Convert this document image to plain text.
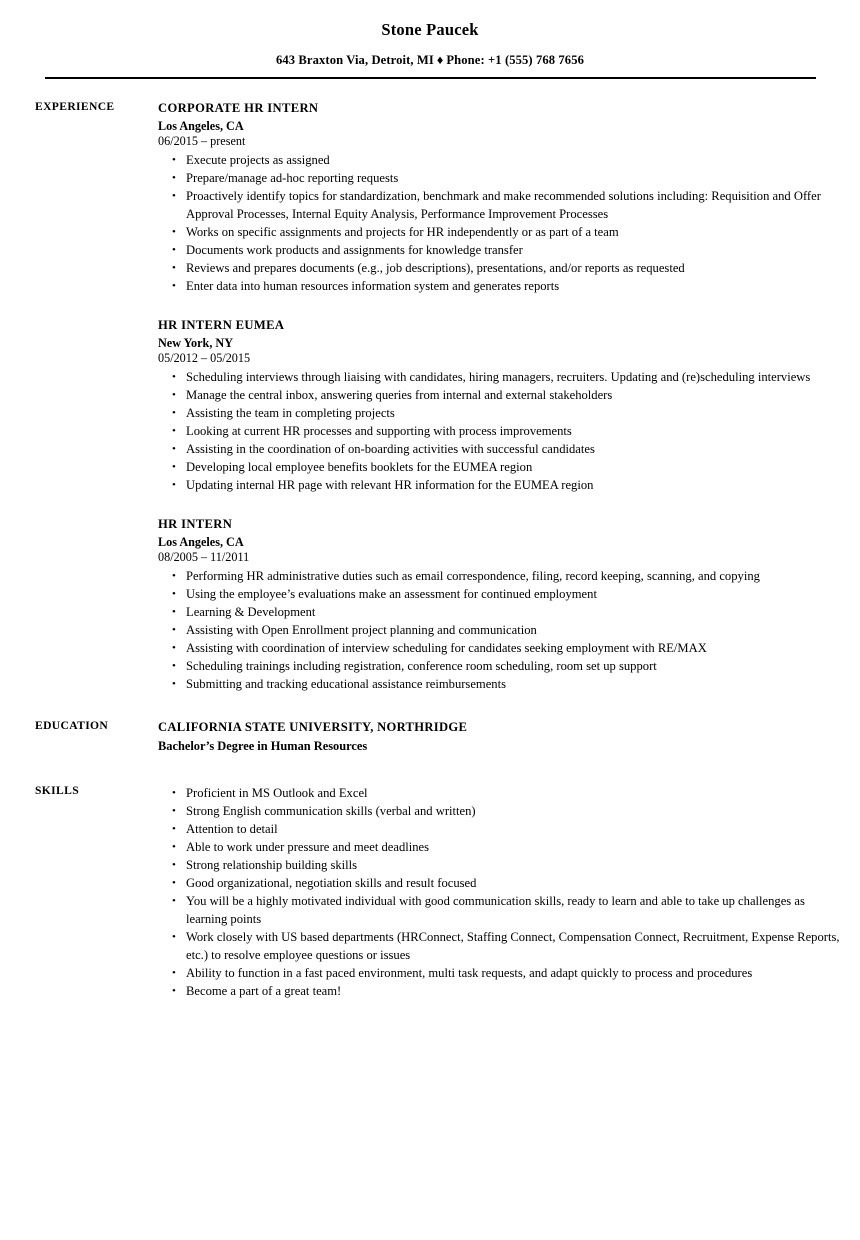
Stone Paucek
643 Braxton Via, Detroit, MI ♦ Phone: +1 (555) 768 7656
EXPERIENCE	CORPORATE HR INTERN
Los Angeles, CA
06/2015 – present
• Execute projects as assigned
• Prepare/manage ad-hoc reporting requests
• Proactively identify topics for standardization, benchmark and make recommended solutions including: Requisition and Offer Approval Processes, Internal Equity Analysis, Performance Improvement Processes
• Works on specific assignments and projects for HR independently or as part of a team
• Documents work products and assignments for knowledge transfer
• Reviews and prepares documents (e.g., job descriptions), presentations, and/or reports as requested
• Enter data into human resources information system and generates reports
HR INTERN EUMEA
New York, NY
05/2012 – 05/2015
• Scheduling interviews through liaising with candidates, hiring managers, recruiters. Updating and (re)scheduling interviews
• Manage the central inbox, answering queries from internal and external stakeholders
• Assisting the team in completing projects
• Looking at current HR processes and supporting with process improvements
• Assisting in the coordination of on-boarding activities with successful candidates
• Developing local employee benefits booklets for the EUMEA region
• Updating internal HR page with relevant HR information for the EUMEA region
HR INTERN
Los Angeles, CA
08/2005 – 11/2011
• Performing HR administrative duties such as email correspondence, filing, record keeping, scanning, and copying
• Using the employee’s evaluations make an assessment for continued employment
• Learning & Development
• Assisting with Open Enrollment project planning and communication
• Assisting with coordination of interview scheduling for candidates seeking employment with RE/MAX
• Scheduling trainings including registration, conference room scheduling, room set up support
• Submitting and tracking educational assistance reimbursements
EDUCATION	CALIFORNIA STATE UNIVERSITY, NORTHRIDGE
Bachelor’s Degree in Human Resources
SKILLS	• Proficient in MS Outlook and Excel
• Strong English communication skills (verbal and written)
• Attention to detail
• Able to work under pressure and meet deadlines
• Strong relationship building skills
• Good organizational, negotiation skills and result focused
• You will be a highly motivated individual with good communication skills, ready to learn and able to take up challenges as learning points
• Work closely with US based departments (HRConnect, Staffing Connect, Compensation Connect, Recruitment, Expense Reports, etc.) to resolve employee questions or issues
• Ability to function in a fast paced environment, multi task requests, and adapt quickly to process and procedures
• Become a part of a great team!
